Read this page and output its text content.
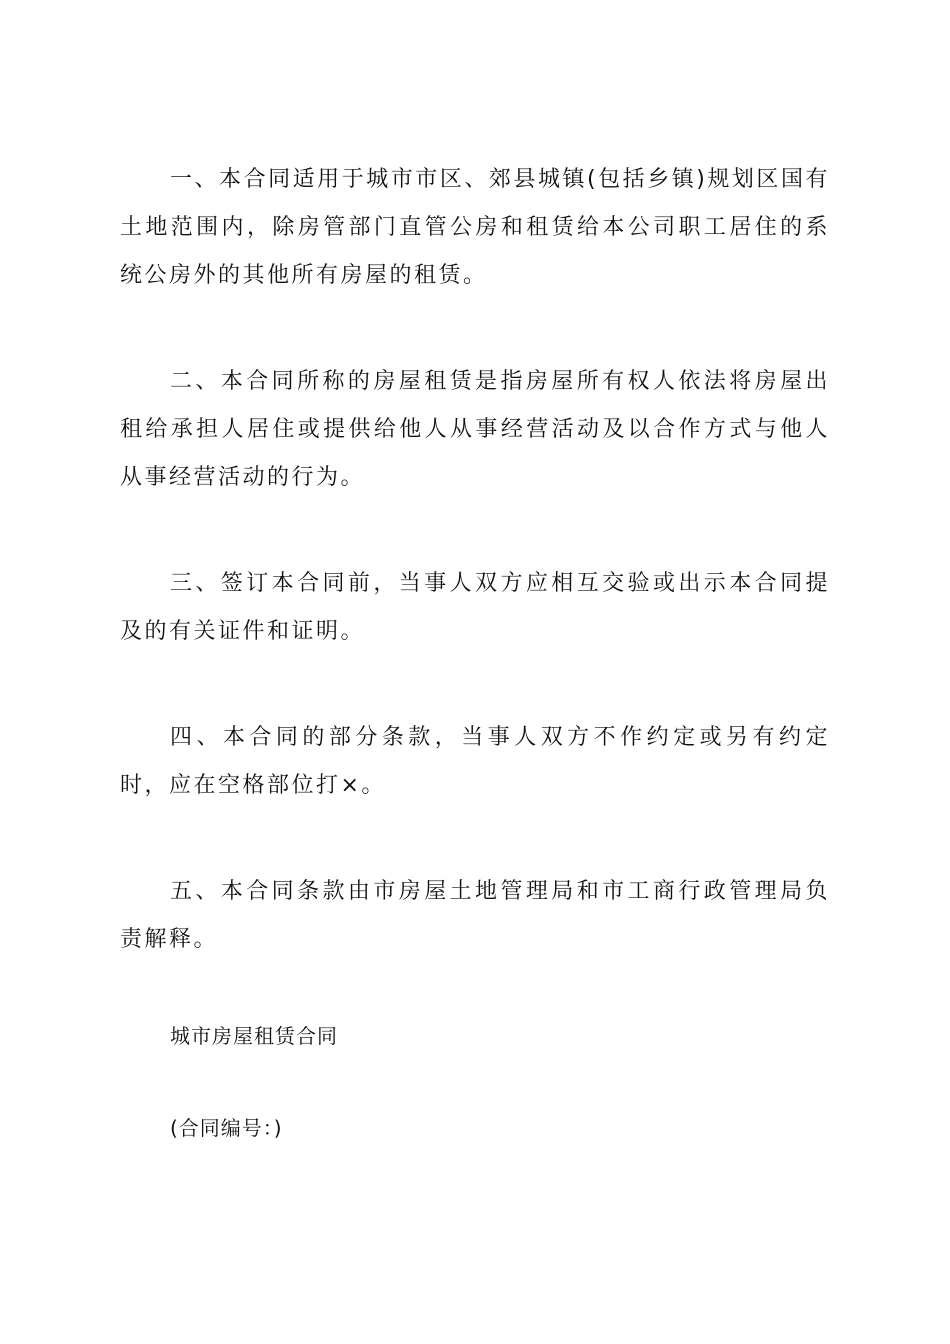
一、本合同适用于城市市区、郊县城镇(包括乡镇)规划区国有土地范围内，除房管部门直管公房和租赁给本公司职工居住的系统公房外的其他所有房屋的租赁。

二、本合同所称的房屋租赁是指房屋所有权人依法将房屋出租给承担人居住或提供给他人从事经营活动及以合作方式与他人从事经营活动的行为。

三、签订本合同前，当事人双方应相互交验或出示本合同提及的有关证件和证明。

四、本合同的部分条款，当事人双方不作约定或另有约定时，应在空格部位打×。

五、本合同条款由市房屋土地管理局和市工商行政管理局负责解释。

城市房屋租赁合同

(合同编号：)
